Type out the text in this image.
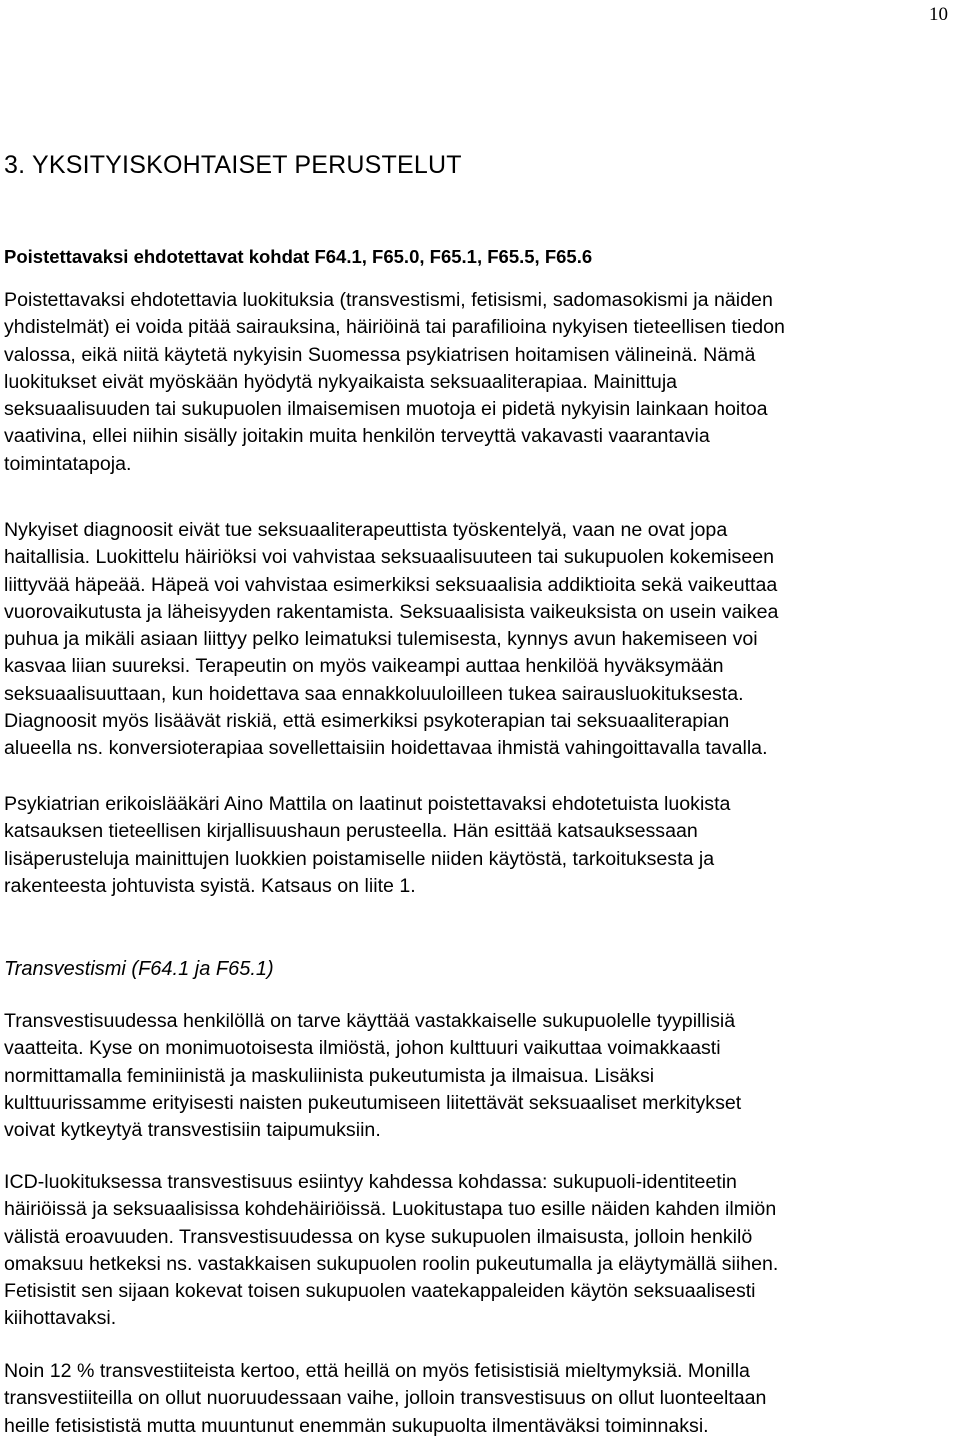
10
3. YKSITYISKOHTAISET PERUSTELUT
Poistettavaksi ehdotettavat kohdat F64.1, F65.0, F65.1, F65.5, F65.6
Poistettavaksi ehdotettavia luokituksia (transvestismi, fetisismi, sadomasokismi ja näiden
yhdistelmät) ei voida pitää sairauksina, häiriöinä tai parafilioina nykyisen tieteellisen tiedon
valossa, eikä niitä käytetä nykyisin Suomessa psykiatrisen hoitamisen välineinä. Nämä
luokitukset eivät myöskään hyödytä nykyaikaista seksuaaliterapiaa. Mainittuja
seksuaalisuuden tai sukupuolen ilmaisemisen muotoja ei pidetä nykyisin lainkaan hoitoa
vaativina, ellei niihin sisälly joitakin muita henkilön terveyttä vakavasti vaarantavia
toimintatapoja.
Nykyiset diagnoosit eivät tue seksuaaliterapeuttista työskentelyä, vaan ne ovat jopa
haitallisia. Luokittelu häiriöksi voi vahvistaa seksuaalisuuteen tai sukupuolen kokemiseen
liittyvää häpeää. Häpeä voi vahvistaa esimerkiksi seksuaalisia addiktioita sekä vaikeuttaa
vuorovaikutusta ja läheisyyden rakentamista. Seksuaalisista vaikeuksista on usein vaikea
puhua ja mikäli asiaan liittyy pelko leimatuksi tulemisesta, kynnys avun hakemiseen voi
kasvaa liian suureksi. Terapeutin on myös vaikeampi auttaa henkilöä hyväksymään
seksuaalisuuttaan, kun hoidettava saa ennakkoluuloilleen tukea sairausluokituksesta.
Diagnoosit myös lisäävät riskiä, että esimerkiksi psykoterapian tai seksuaaliterapian
alueella ns. konversioterapiaa sovellettaisiin hoidettavaa ihmistä vahingoittavalla tavalla.
Psykiatrian erikoislääkäri Aino Mattila on laatinut poistettavaksi ehdotetuista luokista
katsauksen tieteellisen kirjallisuushaun perusteella. Hän esittää katsauksessaan
lisäperusteluja mainittujen luokkien poistamiselle niiden käytöstä, tarkoituksesta ja
rakenteesta johtuvista syistä. Katsaus on liite 1.
Transvestismi (F64.1 ja F65.1)
Transvestisuudessa henkilöllä on tarve käyttää vastakkaiselle sukupuolelle tyypillisiä
vaatteita. Kyse on monimuotoisesta ilmiöstä, johon kulttuuri vaikuttaa voimakkaasti
normittamalla feminiinistä ja maskuliinista pukeutumista ja ilmaisua. Lisäksi
kulttuurissamme erityisesti naisten pukeutumiseen liitettävät seksuaaliset merkitykset
voivat kytkeytyä transvestisiin taipumuksiin.
ICD-luokituksessa transvestisuus esiintyy kahdessa kohdassa: sukupuoli-identiteetin
häiriöissä ja seksuaalisissa kohdehäiriöissä. Luokitustapa tuo esille näiden kahden ilmiön
välistä eroavuuden. Transvestisuudessa on kyse sukupuolen ilmaisusta, jolloin henkilö
omaksuu hetkeksi ns. vastakkaisen sukupuolen roolin pukeutumalla ja eläytymällä siihen.
Fetisistit sen sijaan kokevat toisen sukupuolen vaatekappaleiden käytön seksuaalisesti
kiihottavaksi.
Noin 12 % transvestiiteista kertoo, että heillä on myös fetisistisiä mieltymyksiä. Monilla
transvestiiteilla on ollut nuoruudessaan vaihe, jolloin transvestisuus on ollut luonteeltaan
heille fetisististä mutta muuntunut enemmän sukupuolta ilmentäväksi toiminnaksi.
